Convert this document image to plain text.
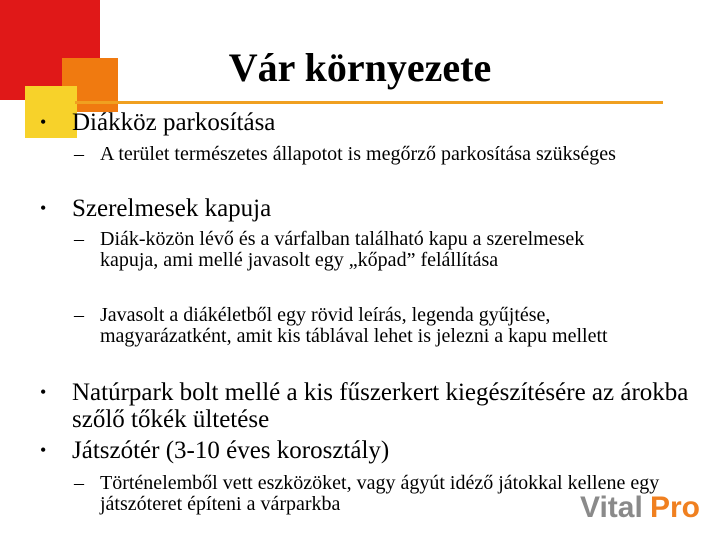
Vár környezete
• Diákköz parkosítása
– A terület természetes állapotot is megőrző parkosítása szükséges
• Szerelmesek kapuja
– Diák-közön lévő és a várfalban található kapu a szerelmesek kapuja, ami mellé javasolt egy „kőpad” felállítása
– Javasolt a diákéletből egy rövid leírás, legenda gyűjtése, magyarázatként, amit kis táblával lehet is jelezni a kapu mellett
• Natúrpark bolt mellé a kis fűszerkert kiegészítésére az árokba szőlő tőkék ültetése
• Játszótér (3-10 éves korosztály)
– Történelemből vett eszközöket, vagy ágyút idéző játokkal kellene egy játszóteret építeni a várparkba	Vital Pro
